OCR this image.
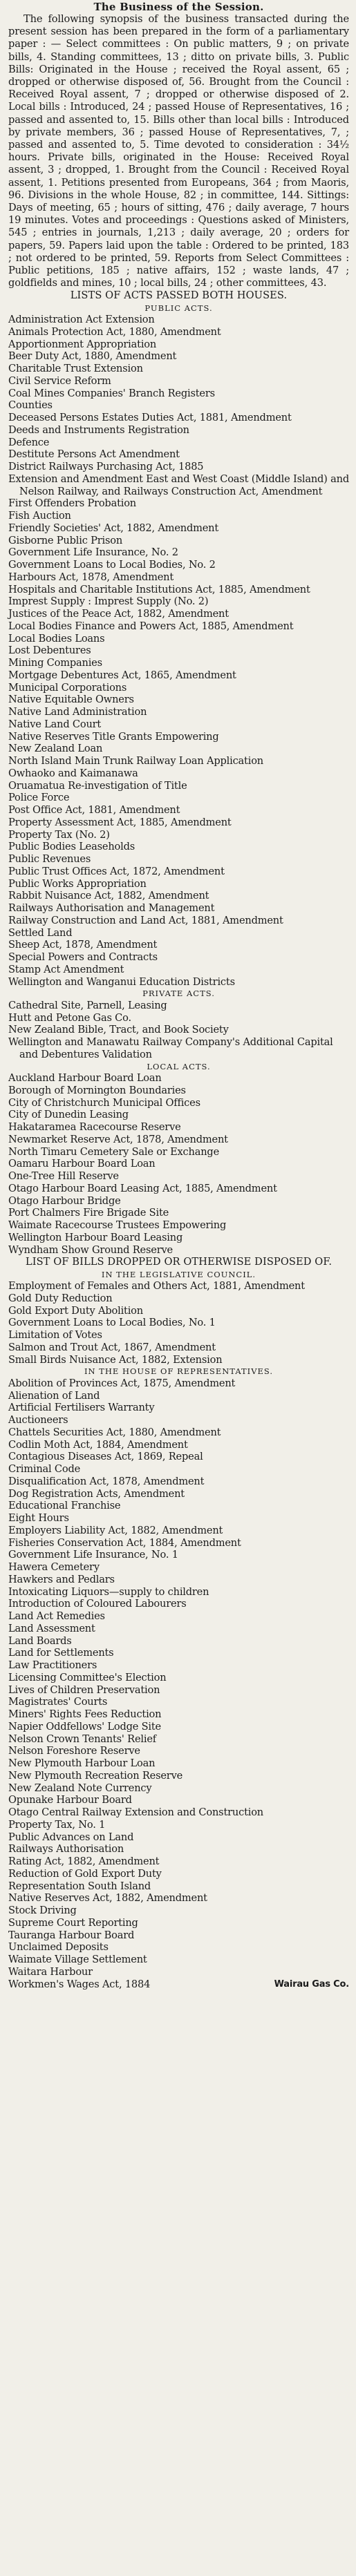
The Business of the Session.

The following synopsis of the business transacted during the present session has been prepared in the form of a parliamentary paper : — Select committees : On public matters, 9 ; on private bills, 4. Standing committees, 13 ; ditto on private bills, 3. Public Bills: Originated in the House ; received the Royal assent, 65 ; dropped or otherwise disposed of, 56. Brought from the Council : Received Royal assent, 7 ; dropped or otherwise disposed of 2. Local bills : Introduced, 24 ; passed House of Representatives, 16 ; passed and assented to, 15. Bills other than local bills : Introduced by private members, 36 ; passed House of Representatives, 7, ; passed and assented to, 5. Time devoted to consideration : 34½ hours. Private bills, originated in the House: Received Royal assent, 3 ; dropped, 1. Brought from the Council : Received Royal assent, 1. Petitions presented from Europeans, 364 ; from Maoris, 96. Divisions in the whole House, 82 ; in committee, 144. Sittings: Days of meeting, 65 ; hours of sitting, 476 ; daily average, 7 hours 19 minutes. Votes and proceedings : Questions asked of Ministers, 545 ; entries in journals, 1,213 ; daily average, 20 ; orders for papers, 59. Papers laid upon the table : Ordered to be printed, 183 ; not ordered to be printed, 59. Reports from Select Committees : Public petitions, 185 ; native affairs, 152 ; waste lands, 47 ; goldfields and mines, 10 ; local bills, 24 ; other committees, 43.

LISTS OF ACTS PASSED BOTH HOUSES.
PUBLIC ACTS.
Administration Act Extension
Animals Protection Act, 1880, Amendment
Apportionment Appropriation
Beer Duty Act, 1880, Amendment
Charitable Trust Extension
Civil Service Reform
Coal Mines Companies' Branch Registers
Counties
Deceased Persons Estates Duties Act, 1881, Amendment
Deeds and Instruments Registration
Defence
Destitute Persons Act Amendment
District Railways Purchasing Act, 1885
Extension and Amendment East and West Coast (Middle Island) and Nelson Railway, and Railways Construction Act, Amendment
First Offenders Probation
Fish Auction
Friendly Societies' Act, 1882, Amendment
Gisborne Public Prison
Government Life Insurance, No. 2
Government Loans to Local Bodies, No. 2
Harbours Act, 1878, Amendment
Hospitals and Charitable Institutions Act, 1885, Amendment
Imprest Supply : Imprest Supply (No. 2)
Justices of the Peace Act, 1882, Amendment
Local Bodies Finance and Powers Act, 1885, Amendment
Local Bodies Loans
Lost Debentures
Mining Companies
Mortgage Debentures Act, 1865, Amendment
Municipal Corporations
Native Equitable Owners
Native Land Administration
Native Land Court
Native Reserves Title Grants Empowering
New Zealand Loan
North Island Main Trunk Railway Loan Application
Owhaoko and Kaimanawa
Oruamatua Re-investigation of Title
Police Force
Post Office Act, 1881, Amendment
Property Assessment Act, 1885, Amendment
Property Tax (No. 2)
Public Bodies Leaseholds
Public Revenues
Public Trust Offices Act, 1872, Amendment
Public Works Appropriation
Rabbit Nuisance Act, 1882, Amendment
Railways Authorisation and Management
Railway Construction and Land Act, 1881, Amendment
Settled Land
Sheep Act, 1878, Amendment
Special Powers and Contracts
Stamp Act Amendment
Wellington and Wanganui Education Districts
PRIVATE ACTS.
Cathedral Site, Parnell, Leasing
Hutt and Petone Gas Co.
New Zealand Bible, Tract, and Book Society
Wellington and Manawatu Railway Company's Additional Capital and Debentures Validation
LOCAL ACTS.
Auckland Harbour Board Loan
Borough of Mornington Boundaries
City of Christchurch Municipal Offices
City of Dunedin Leasing
Hakataramea Racecourse Reserve
Newmarket Reserve Act, 1878, Amendment
North Timaru Cemetery Sale or Exchange
Oamaru Harbour Board Loan
One-Tree Hill Reserve
Otago Harbour Board Leasing Act, 1885, Amendment
Otago Harbour Bridge
Port Chalmers Fire Brigade Site
Waimate Racecourse Trustees Empowering
Wellington Harbour Board Leasing
Wyndham Show Ground Reserve
LIST OF BILLS DROPPED OR OTHERWISE DISPOSED OF.
IN THE LEGISLATIVE COUNCIL.
Employment of Females and Others Act, 1881, Amendment
Gold Duty Reduction
Gold Export Duty Abolition
Government Loans to Local Bodies, No. 1
Limitation of Votes
Salmon and Trout Act, 1867, Amendment
Small Birds Nuisance Act, 1882, Extension
IN THE HOUSE OF REPRESENTATIVES.
Abolition of Provinces Act, 1875, Amendment
Alienation of Land
Artificial Fertilisers Warranty
Auctioneers
Chattels Securities Act, 1880, Amendment
Codlin Moth Act, 1884, Amendment
Contagious Diseases Act, 1869, Repeal
Criminal Code
Disqualification Act, 1878, Amendment
Dog Registration Acts, Amendment
Educational Franchise
Eight Hours
Employers Liability Act, 1882, Amendment
Fisheries Conservation Act, 1884, Amendment
Government Life Insurance, No. 1
Hawera Cemetery
Hawkers and Pedlars
Intoxicating Liquors—supply to children
Introduction of Coloured Labourers
Land Act Remedies
Land Assessment
Land Boards
Land for Settlements
Law Practitioners
Licensing Committee's Election
Lives of Children Preservation
Magistrates' Courts
Miners' Rights Fees Reduction
Napier Oddfellows' Lodge Site
Nelson Crown Tenants' Relief
Nelson Foreshore Reserve
New Plymouth Harbour Loan
New Plymouth Recreation Reserve
New Zealand Note Currency
Opunake Harbour Board
Otago Central Railway Extension and Construction
Property Tax, No. 1
Public Advances on Land
Railways Authorisation
Rating Act, 1882, Amendment
Reduction of Gold Export Duty
Representation South Island
Native Reserves Act, 1882, Amendment
Stock Driving
Supreme Court Reporting
Tauranga Harbour Board
Unclaimed Deposits
Waimate Village Settlement
Waitara Harbour
Wairau Gas Co.
Workmen's Wages Act, 1884
